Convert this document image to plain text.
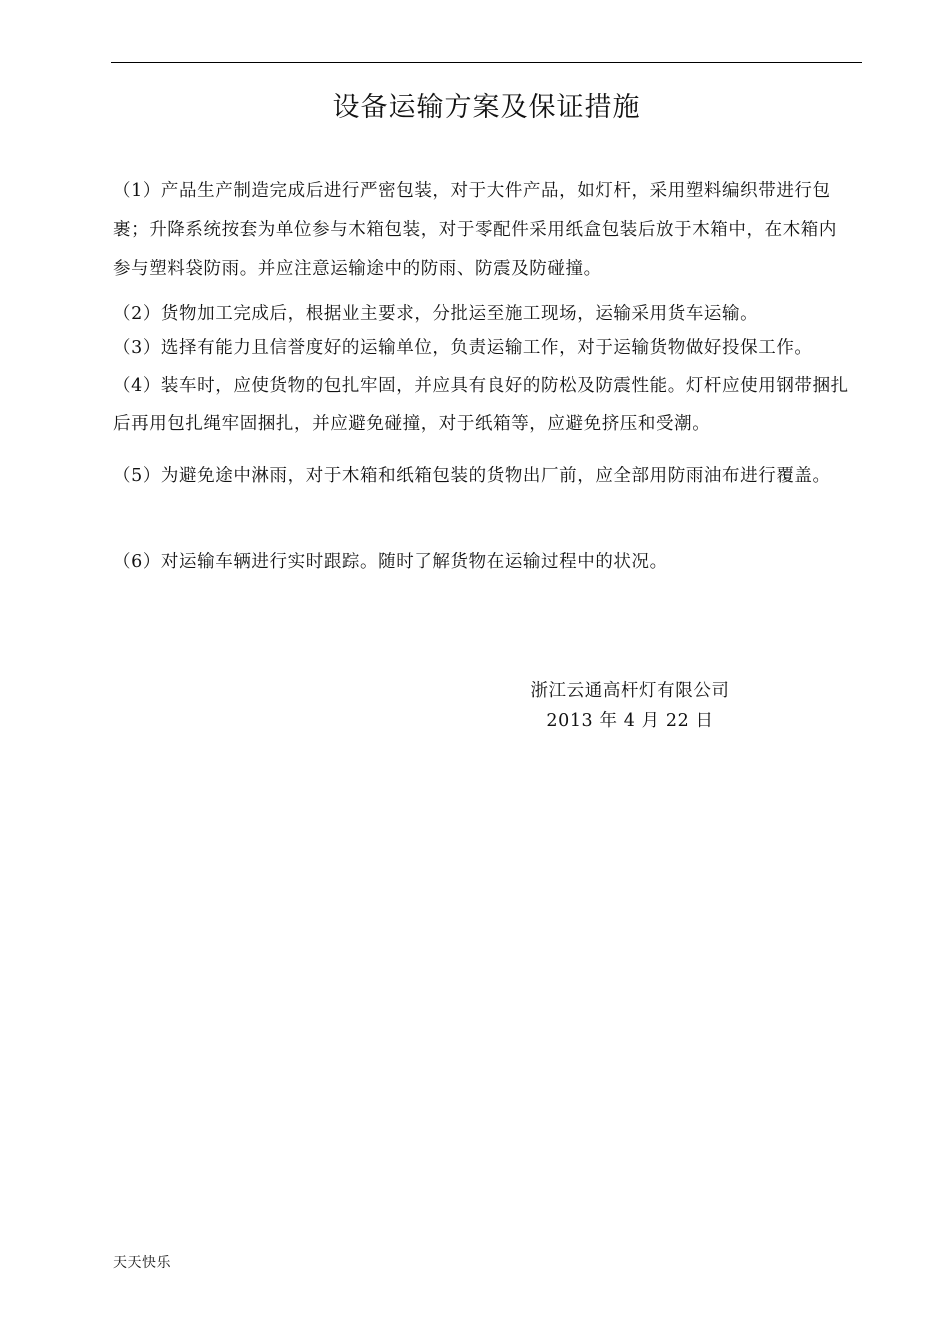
设备运输方案及保证措施

（1）产品生产制造完成后进行严密包装，对于大件产品，如灯杆，采用塑料编织带进行包裹；升降系统按套为单位参与木箱包装，对于零配件采用纸盒包装后放于木箱中，在木箱内参与塑料袋防雨。并应注意运输途中的防雨、防震及防碰撞。

（2）货物加工完成后，根据业主要求，分批运至施工现场，运输采用货车运输。

（3）选择有能力且信誉度好的运输单位，负责运输工作，对于运输货物做好投保工作。

（4）装车时，应使货物的包扎牢固，并应具有良好的防松及防震性能。灯杆应使用钢带捆扎后再用包扎绳牢固捆扎，并应避免碰撞，对于纸箱等，应避免挤压和受潮。

（5）为避免途中淋雨，对于木箱和纸箱包装的货物出厂前，应全部用防雨油布进行覆盖。

（6）对运输车辆进行实时跟踪。随时了解货物在运输过程中的状况。

浙江云通高杆灯有限公司
2013 年 4 月 22 日
天天快乐
